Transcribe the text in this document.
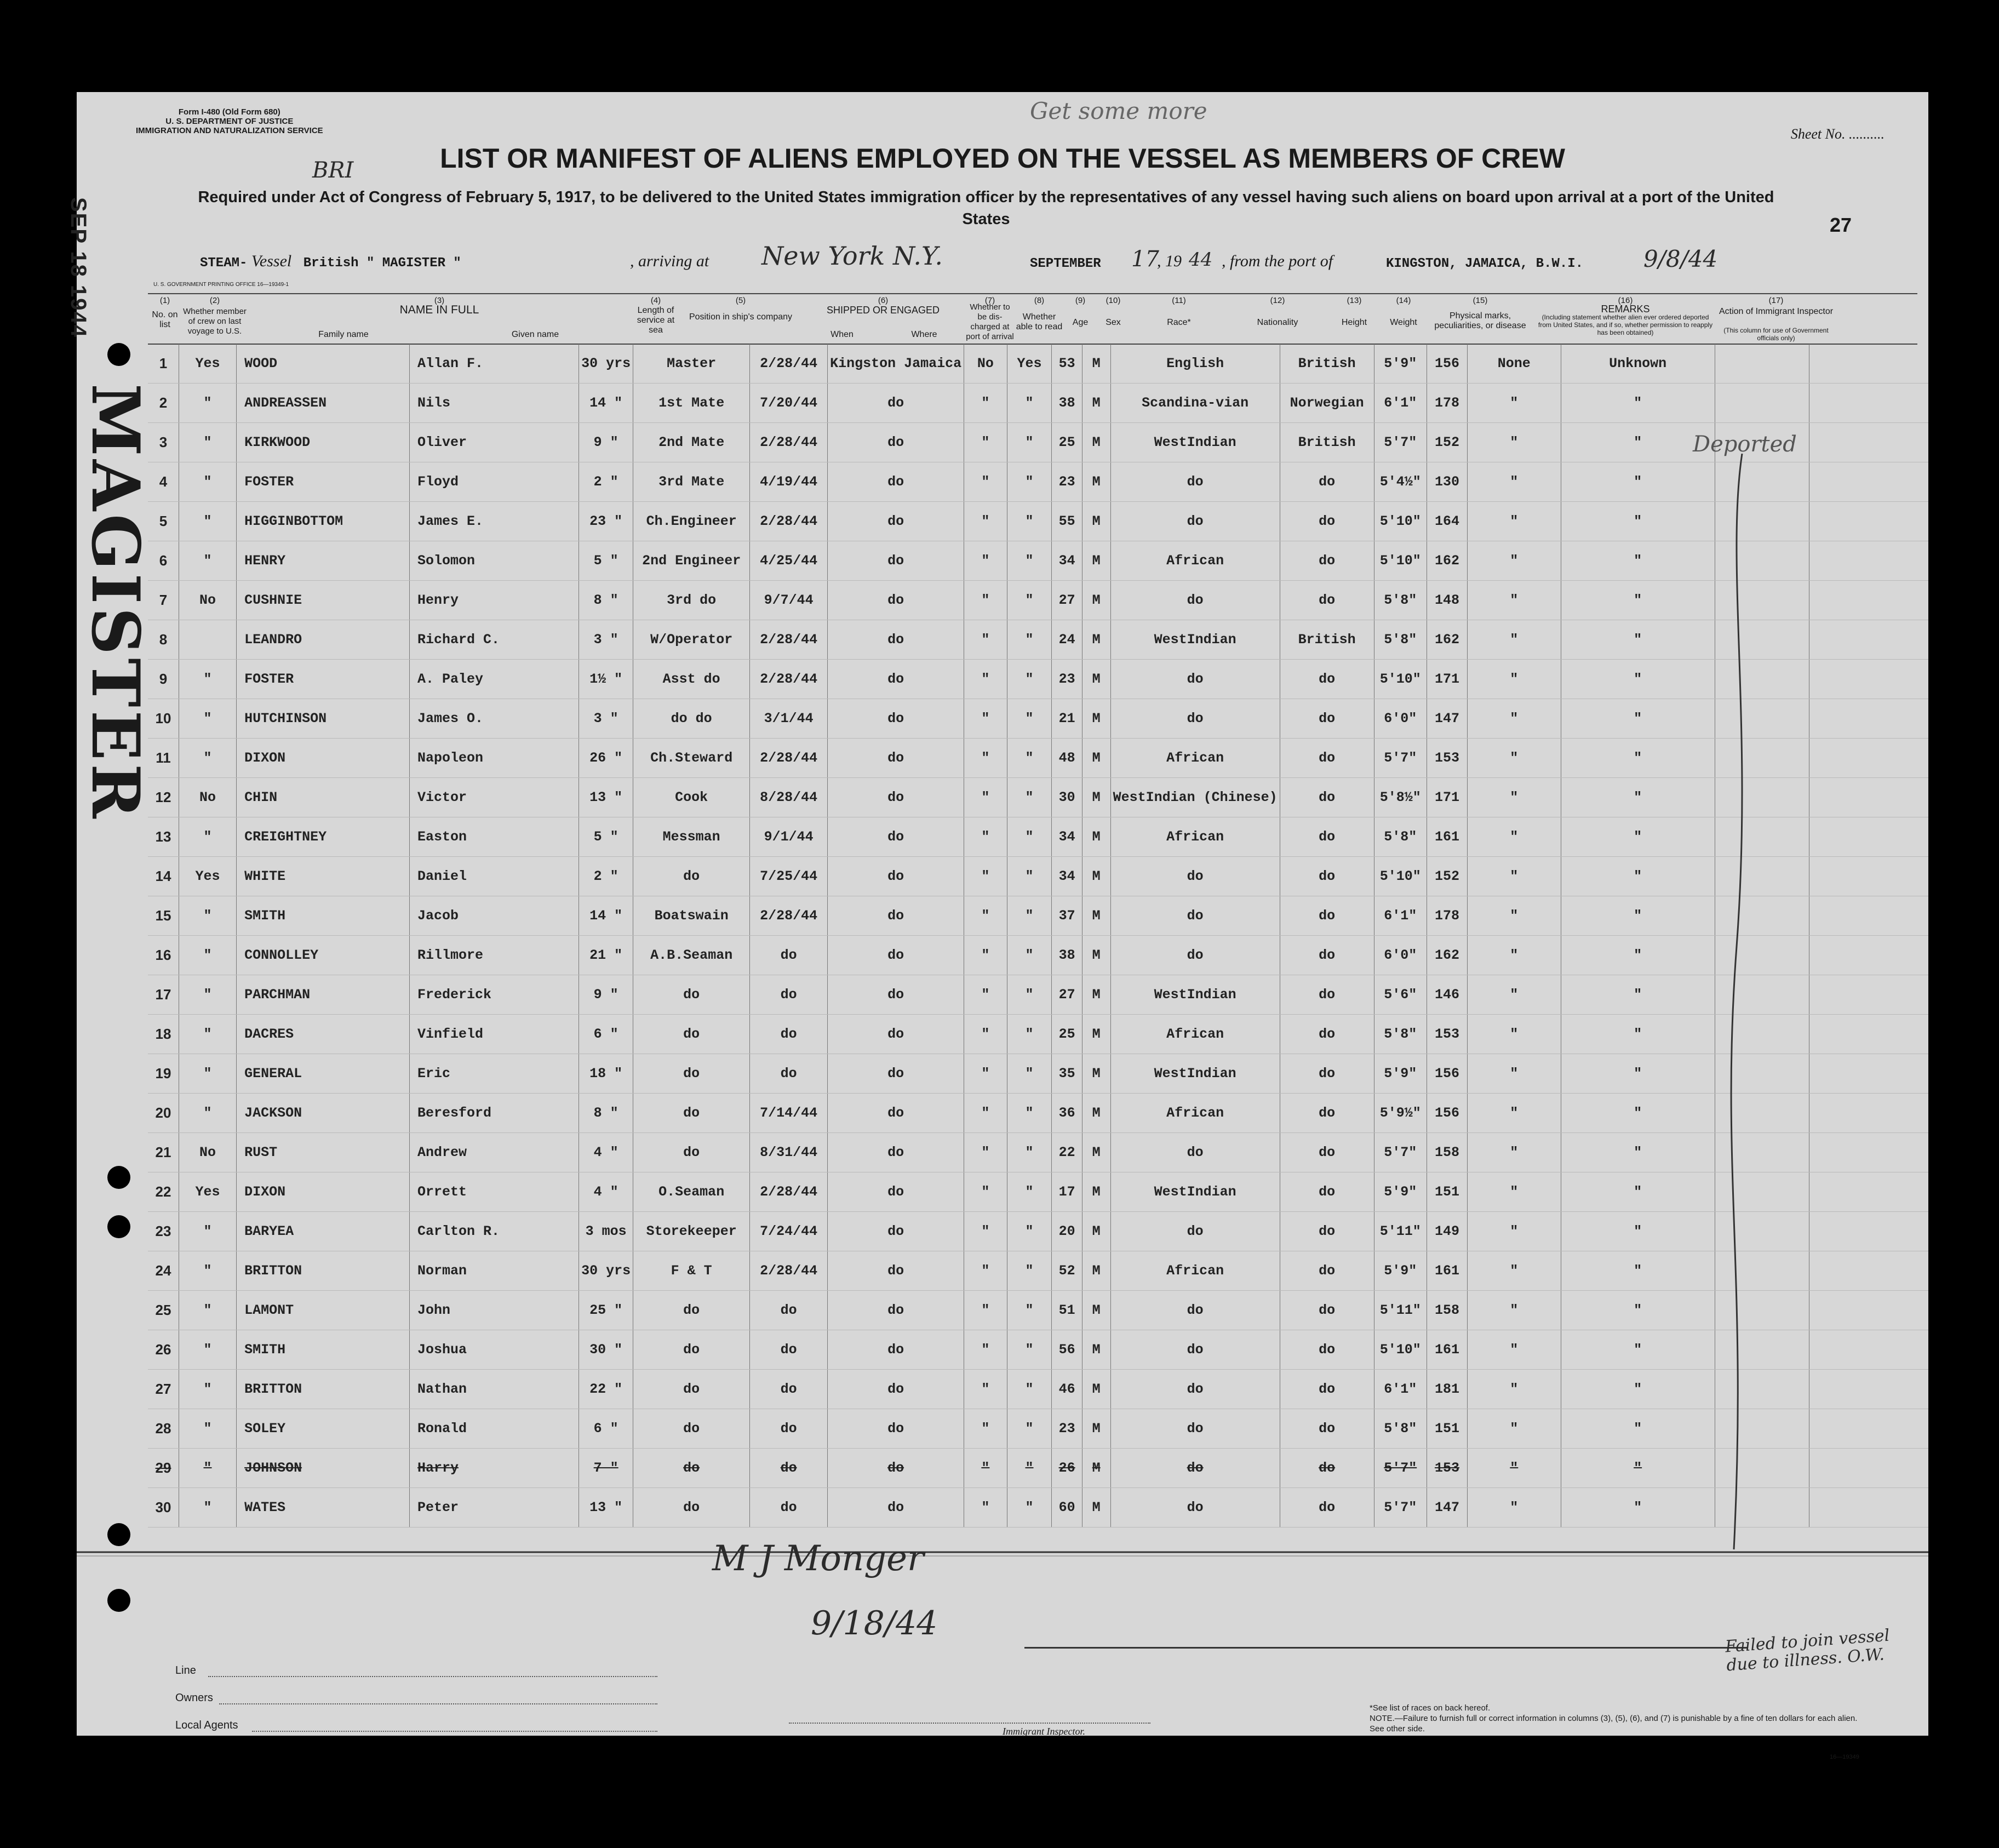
Form I-480 (Old Form 680)
U. S. DEPARTMENT OF JUSTICE
IMMIGRATION AND NATURALIZATION SERVICE
Get some more
BRI
Sheet No. ..........
LIST OR MANIFEST OF ALIENS EMPLOYED ON THE VESSEL AS MEMBERS OF CREW
Required under Act of Congress of February 5, 1917, to be delivered to the United States immigration officer by the representatives of any vessel having such aliens on board upon arrival at a port of the United States	27
STEAM- Vessel British " MAGISTER "	, arriving at New York N.Y.	SEPTEMBER 17
, 19 44 , from the port of	KINGSTON, JAMAICA, B.W.I.	9/8/44
U. S. GOVERNMENT PRINTING OFFICE 16—19349-1
(1)	(2)	(3)	(4)	(5)	(6)	(7)	(8)	(9)	(10)	(11)	(12)	(13)	(14)	(15)	(16)	(17)
No. on list
Whether member of crew on last voyage to U.S.
NAME IN FULL
Family name	Given name
Length of service at sea
Position in ship's company
SHIPPED OR ENGAGED
When	Where
Whether to be dis-charged at port of arrival
Whether able to read	Age	Sex	Race*	Nationality	Height	Weight
Physical marks, peculiarities, or disease
REMARKS
(Including statement whether alien ever ordered deported from United States, and if so, whether permission to reapply has been obtained)
Action of Immigrant Inspector
(This column for use of Government officials only)
1	Yes	WOOD	Allan F.	30 yrs	Master	2/28/44	Kingston Jamaica	No	Yes	53	M	English	British	5'9"	156	None	Unknown		
2	"	ANDREASSEN	Nils	14 "	1st Mate	7/20/44	do	"	"	38	M	Scandina-vian	Norwegian	6'1"	178	"	"		
3	"	KIRKWOOD	Oliver	9 "	2nd Mate	2/28/44	do	"	"	25	M	WestIndian	British	5'7"	152	"	"		
4	"	FOSTER	Floyd	2 "	3rd Mate	4/19/44	do	"	"	23	M	do	do	5'4½"	130	"	"		
5	"	HIGGINBOTTOM	James E.	23 "	Ch.Engineer	2/28/44	do	"	"	55	M	do	do	5'10"	164	"	"		
6	"	HENRY	Solomon	5 "	2nd Engineer	4/25/44	do	"	"	34	M	African	do	5'10"	162	"	"		
7	No	CUSHNIE	Henry	8 "	3rd do	9/7/44	do	"	"	27	M	do	do	5'8"	148	"	"		
8		LEANDRO	Richard C.	3 "	W/Operator	2/28/44	do	"	"	24	M	WestIndian	British	5'8"	162	"	"		
9	"	FOSTER	A. Paley	1½ "	Asst do	2/28/44	do	"	"	23	M	do	do	5'10"	171	"	"		
10	"	HUTCHINSON	James O.	3 "	do do	3/1/44	do	"	"	21	M	do	do	6'0"	147	"	"		
11	"	DIXON	Napoleon	26 "	Ch.Steward	2/28/44	do	"	"	48	M	African	do	5'7"	153	"	"		
12	No	CHIN	Victor	13 "	Cook	8/28/44	do	"	"	30	M	WestIndian (Chinese)	do	5'8½"	171	"	"		
13	"	CREIGHTNEY	Easton	5 "	Messman	9/1/44	do	"	"	34	M	African	do	5'8"	161	"	"		
14	Yes	WHITE	Daniel	2 "	do	7/25/44	do	"	"	34	M	do	do	5'10"	152	"	"		
15	"	SMITH	Jacob	14 "	Boatswain	2/28/44	do	"	"	37	M	do	do	6'1"	178	"	"		
16	"	CONNOLLEY	Rillmore	21 "	A.B.Seaman	do	do	"	"	38	M	do	do	6'0"	162	"	"		
17	"	PARCHMAN	Frederick	9 "	do	do	do	"	"	27	M	WestIndian	do	5'6"	146	"	"		
18	"	DACRES	Vinfield	6 "	do	do	do	"	"	25	M	African	do	5'8"	153	"	"		
19	"	GENERAL	Eric	18 "	do	do	do	"	"	35	M	WestIndian	do	5'9"	156	"	"		
20	"	JACKSON	Beresford	8 "	do	7/14/44	do	"	"	36	M	African	do	5'9½"	156	"	"		
21	No	RUST	Andrew	4 "	do	8/31/44	do	"	"	22	M	do	do	5'7"	158	"	"		
22	Yes	DIXON	Orrett	4 "	O.Seaman	2/28/44	do	"	"	17	M	WestIndian	do	5'9"	151	"	"		
23	"	BARYEA	Carlton R.	3 mos	Storekeeper	7/24/44	do	"	"	20	M	do	do	5'11"	149	"	"		
24	"	BRITTON	Norman	30 yrs	F & T	2/28/44	do	"	"	52	M	African	do	5'9"	161	"	"		
25	"	LAMONT	John	25 "	do	do	do	"	"	51	M	do	do	5'11"	158	"	"		
26	"	SMITH	Joshua	30 "	do	do	do	"	"	56	M	do	do	5'10"	161	"	"		
27	"	BRITTON	Nathan	22 "	do	do	do	"	"	46	M	do	do	6'1"	181	"	"		
28	"	SOLEY	Ronald	6 "	do	do	do	"	"	23	M	do	do	5'8"	151	"	"		
29	"	JOHNSON	Harry	7 "	do	do	do	"	"	26	M	do	do	5'7"	153	"	"		
30	"	WATES	Peter	13 "	do	do	do	"	"	60	M	do	do	5'7"	147	"	"		
Deported
Failed to join vessel due to illness. O.W.
M J Monger
9/18/44
Line
Owners
Local Agents	Immigrant Inspector.
*See list of races on back hereof.
NOTE.—Failure to furnish full or correct information in columns (3), (5), (6), and (7) is punishable by a fine of ten dollars for each alien. See other side.
16—19349
SEP 18 1944
MAGISTER
